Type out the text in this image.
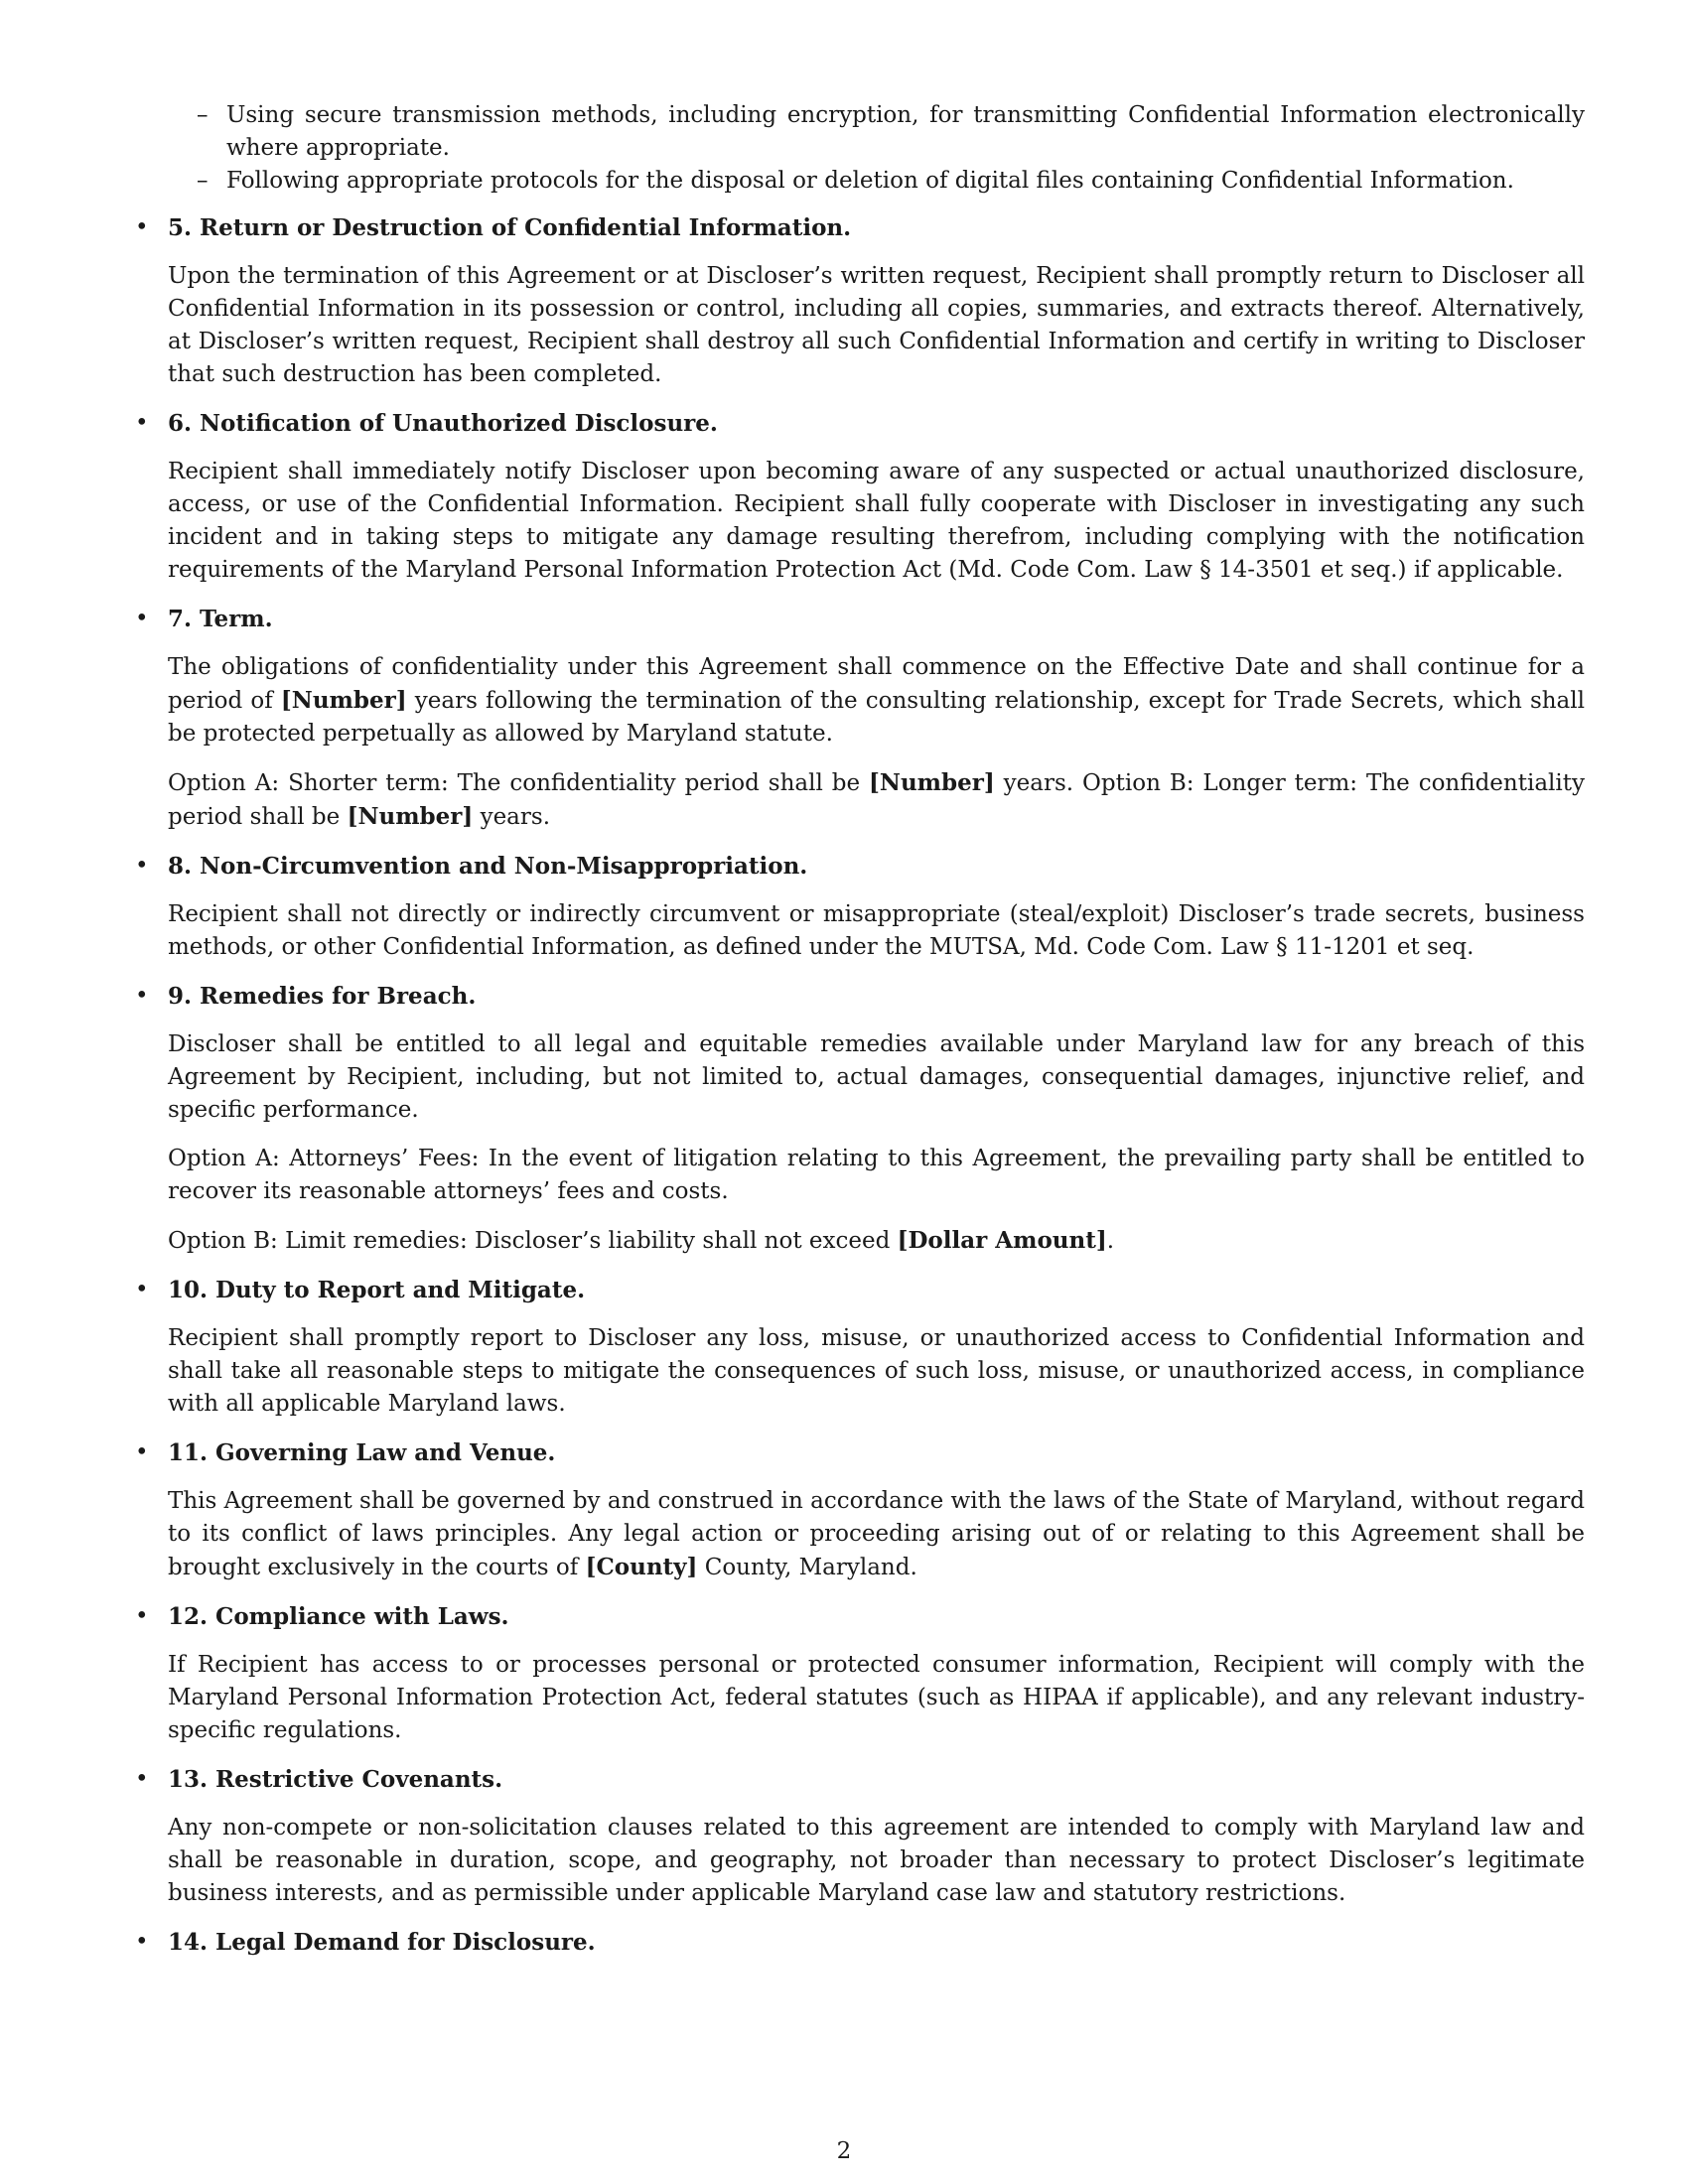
– Using secure transmission methods, including encryption, for transmitting Confidential Information electronically where appropriate.
– Following appropriate protocols for the disposal or deletion of digital files containing Confidential Information.
• 5. Return or Destruction of Confidential Information.
Upon the termination of this Agreement or at Discloser’s written request, Recipient shall promptly return to Discloser all Confidential Information in its possession or control, including all copies, summaries, and extracts thereof. Alternatively, at Discloser’s written request, Recipient shall destroy all such Confidential Information and certify in writing to Discloser that such destruction has been completed.
• 6. Notification of Unauthorized Disclosure.
Recipient shall immediately notify Discloser upon becoming aware of any suspected or actual unauthorized disclosure, access, or use of the Confidential Information. Recipient shall fully cooperate with Discloser in investigating any such incident and in taking steps to mitigate any damage resulting therefrom, including complying with the notification requirements of the Maryland Personal Information Protection Act (Md. Code Com. Law § 14-3501 et seq.) if applicable.
• 7. Term.
The obligations of confidentiality under this Agreement shall commence on the Effective Date and shall continue for a period of [Number] years following the termination of the consulting relationship, except for Trade Secrets, which shall be protected perpetually as allowed by Maryland statute.
Option A: Shorter term: The confidentiality period shall be [Number] years. Option B: Longer term: The confidentiality period shall be [Number] years.
• 8. Non-Circumvention and Non-Misappropriation.
Recipient shall not directly or indirectly circumvent or misappropriate (steal/exploit) Discloser’s trade secrets, business methods, or other Confidential Information, as defined under the MUTSA, Md. Code Com. Law § 11-1201 et seq.
• 9. Remedies for Breach.
Discloser shall be entitled to all legal and equitable remedies available under Maryland law for any breach of this Agreement by Recipient, including, but not limited to, actual damages, consequential damages, injunctive relief, and specific performance.
Option A: Attorneys’ Fees: In the event of litigation relating to this Agreement, the prevailing party shall be entitled to recover its reasonable attorneys’ fees and costs.
Option B: Limit remedies: Discloser’s liability shall not exceed [Dollar Amount].
• 10. Duty to Report and Mitigate.
Recipient shall promptly report to Discloser any loss, misuse, or unauthorized access to Confidential Information and shall take all reasonable steps to mitigate the consequences of such loss, misuse, or unauthorized access, in compliance with all applicable Maryland laws.
• 11. Governing Law and Venue.
This Agreement shall be governed by and construed in accordance with the laws of the State of Maryland, without regard to its conflict of laws principles. Any legal action or proceeding arising out of or relating to this Agreement shall be brought exclusively in the courts of [County] County, Maryland.
• 12. Compliance with Laws.
If Recipient has access to or processes personal or protected consumer information, Recipient will comply with the Maryland Personal Information Protection Act, federal statutes (such as HIPAA if applicable), and any relevant industry-specific regulations.
• 13. Restrictive Covenants.
Any non-compete or non-solicitation clauses related to this agreement are intended to comply with Maryland law and shall be reasonable in duration, scope, and geography, not broader than necessary to protect Discloser’s legitimate business interests, and as permissible under applicable Maryland case law and statutory restrictions.
• 14. Legal Demand for Disclosure.
2
